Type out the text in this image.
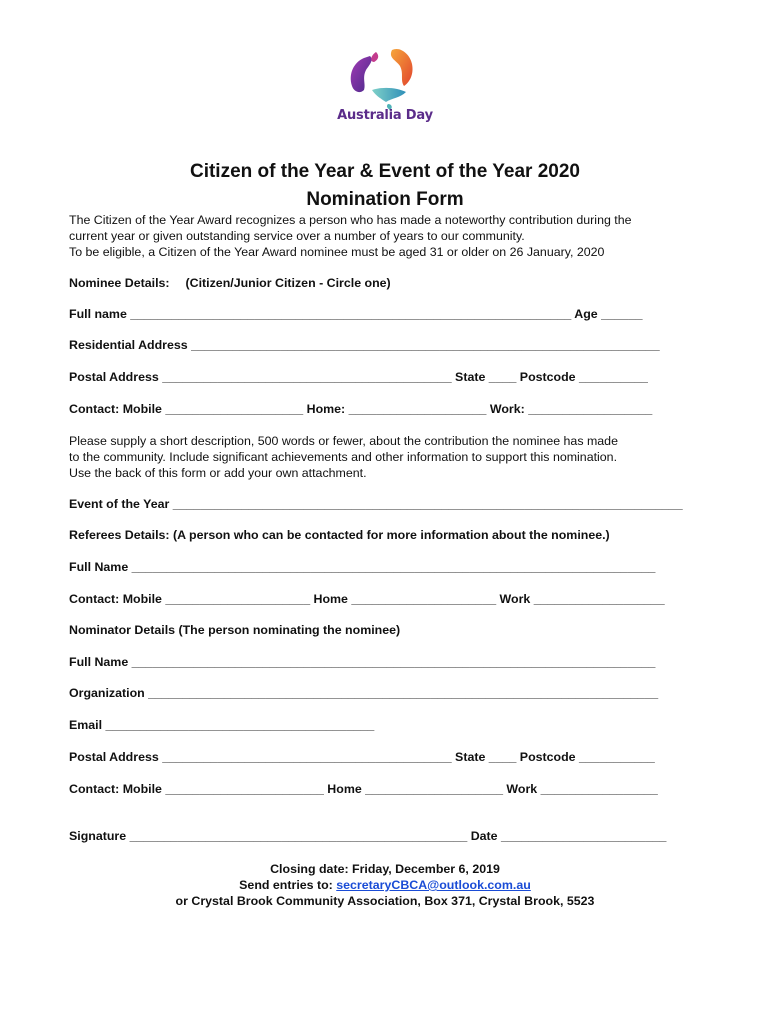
Australia Day
Citizen of the Year & Event of the Year 2020
Nomination Form
The Citizen of the Year Award recognizes a person who has made a noteworthy contribution during the
current year or given outstanding service over a number of years to our community.
To be eligible, a Citizen of the Year Award nominee must be aged 31 or older on 26 January, 2020
Nominee Details: (Citizen/Junior Citizen - Circle one)
Full name ________________________________________________________________ Age ______
Residential Address ____________________________________________________________________
Postal Address __________________________________________ State ____ Postcode __________
Contact: Mobile ____________________ Home: ____________________ Work: __________________
Please supply a short description, 500 words or fewer, about the contribution the nominee has made
to the community. Include significant achievements and other information to support this nomination.
Use the back of this form or add your own attachment.
Event of the Year __________________________________________________________________________
Referees Details: (A person who can be contacted for more information about the nominee.)
Full Name ____________________________________________________________________________
Contact: Mobile _____________________ Home _____________________ Work ___________________
Nominator Details (The person nominating the nominee)
Full Name ____________________________________________________________________________
Organization __________________________________________________________________________
Email _______________________________________
Postal Address __________________________________________ State ____ Postcode ___________
Contact: Mobile _______________________ Home ____________________ Work _________________
Signature _________________________________________________ Date ________________________
Closing date: Friday, December 6, 2019
Send entries to: secretaryCBCA@outlook.com.au
or Crystal Brook Community Association, Box 371, Crystal Brook, 5523
